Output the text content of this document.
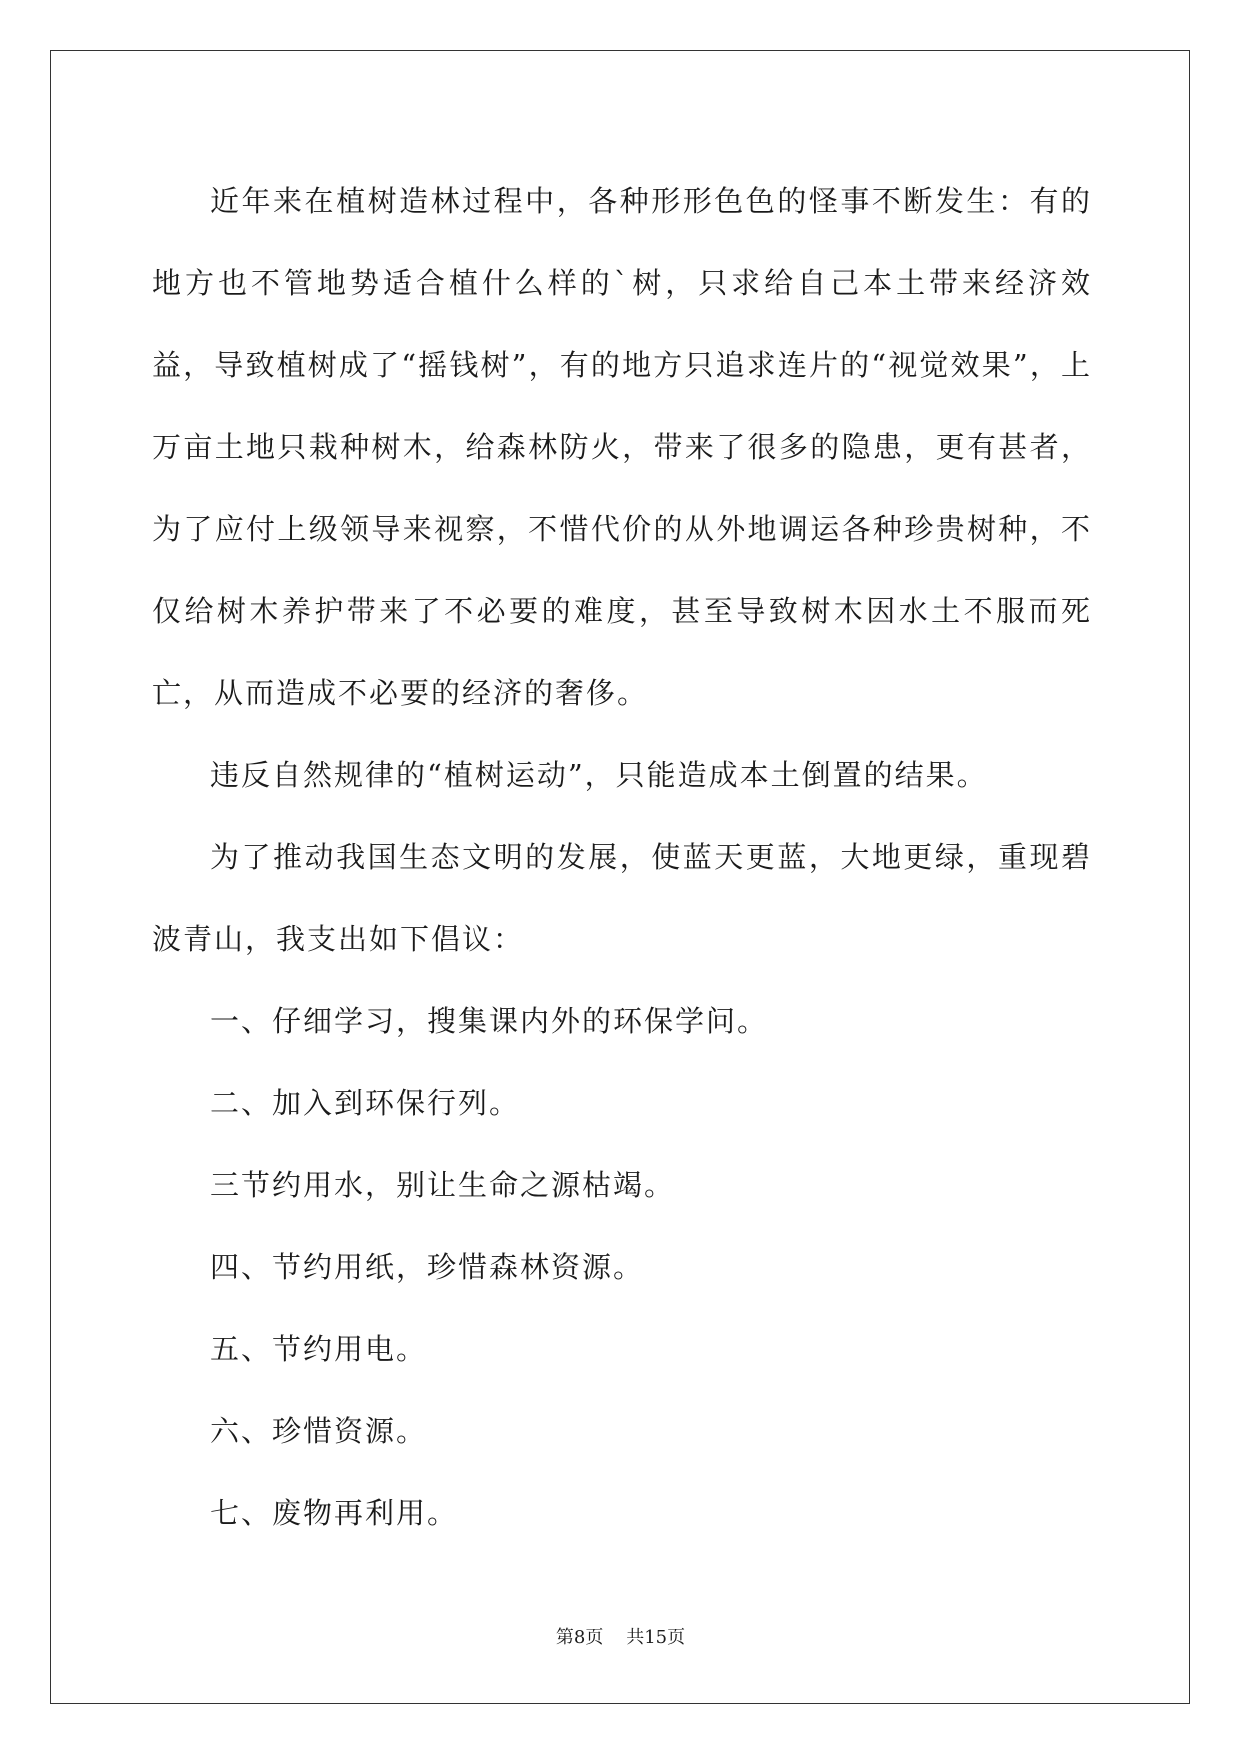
近年来在植树造林过程中，各种形形色色的怪事不断发生：有的地方也不管地势适合植什么样的`树，只求给自己本土带来经济效益，导致植树成了“摇钱树”，有的地方只追求连片的“视觉效果”，上万亩土地只栽种树木，给森林防火，带来了很多的隐患，更有甚者，为了应付上级领导来视察，不惜代价的从外地调运各种珍贵树种，不仅给树木养护带来了不必要的难度，甚至导致树木因水土不服而死亡，从而造成不必要的经济的奢侈。

违反自然规律的“植树运动”，只能造成本土倒置的结果。

为了推动我国生态文明的发展，使蓝天更蓝，大地更绿，重现碧波青山，我支出如下倡议：

一、仔细学习，搜集课内外的环保学问。

二、加入到环保行列。

三节约用水，别让生命之源枯竭。

四、节约用纸，珍惜森林资源。

五、节约用电。

六、珍惜资源。

七、废物再利用。

第8页 共15页
